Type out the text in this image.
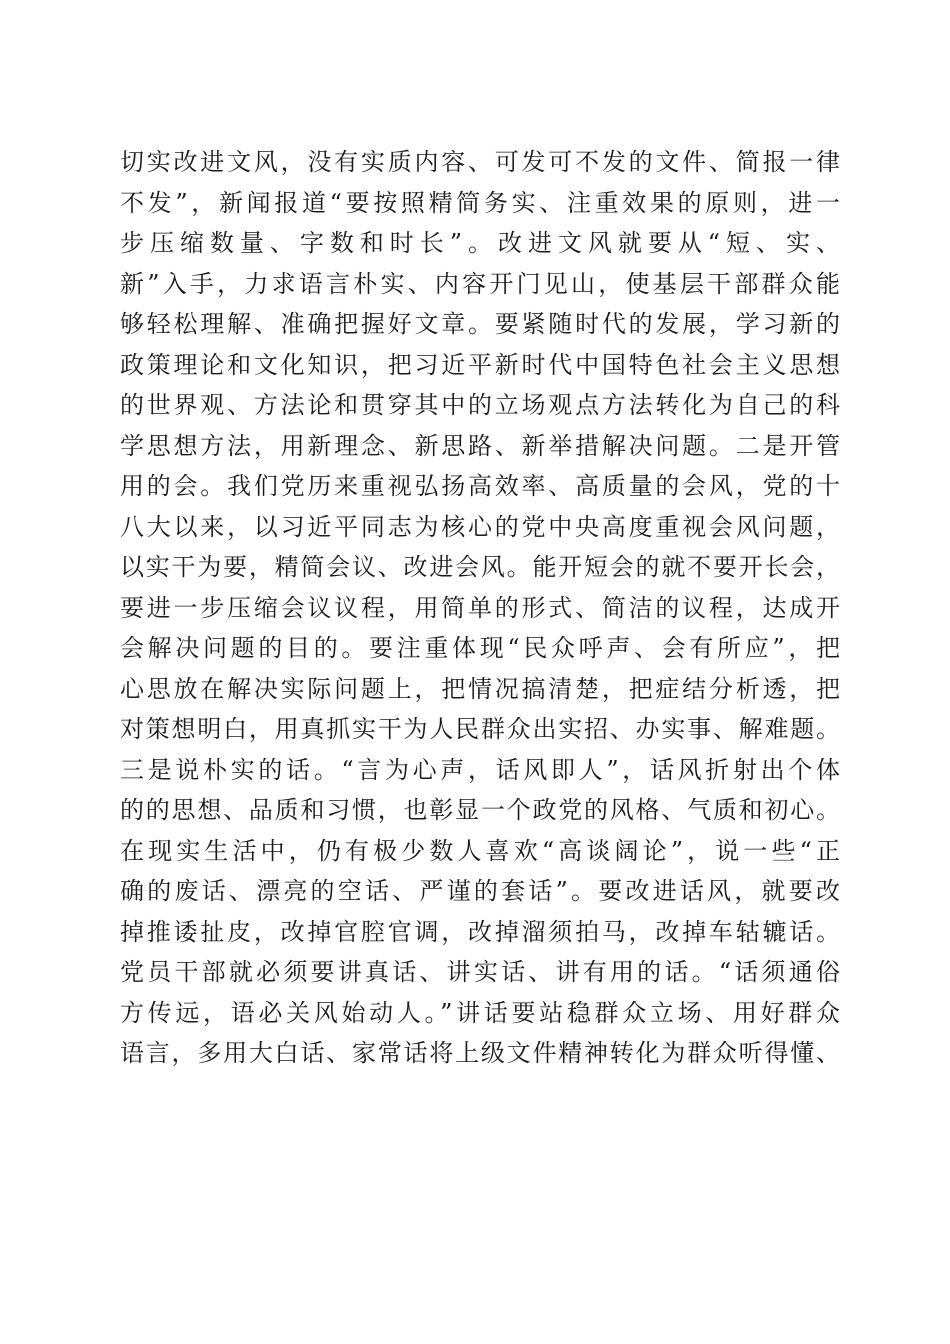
切实改进文风，没有实质内容、可发可不发的文件、简报一律
不发”，新闻报道“要按照精简务实、注重效果的原则，进一
步压缩数量、字数和时长”。改进文风就要从“短、实、
新”入手，力求语言朴实、内容开门见山，使基层干部群众能
够轻松理解、准确把握好文章。要紧随时代的发展，学习新的
政策理论和文化知识，把习近平新时代中国特色社会主义思想
的世界观、方法论和贯穿其中的立场观点方法转化为自己的科
学思想方法，用新理念、新思路、新举措解决问题。二是开管
用的会。我们党历来重视弘扬高效率、高质量的会风，党的十
八大以来，以习近平同志为核心的党中央高度重视会风问题，
以实干为要，精简会议、改进会风。能开短会的就不要开长会，
要进一步压缩会议议程，用简单的形式、简洁的议程，达成开
会解决问题的目的。要注重体现“民众呼声、会有所应”，把
心思放在解决实际问题上，把情况搞清楚，把症结分析透，把
对策想明白，用真抓实干为人民群众出实招、办实事、解难题。
三是说朴实的话。“言为心声，话风即人”，话风折射出个体
的的思想、品质和习惯，也彰显一个政党的风格、气质和初心。
在现实生活中，仍有极少数人喜欢“高谈阔论”，说一些“正
确的废话、漂亮的空话、严谨的套话”。要改进话风，就要改
掉推诿扯皮，改掉官腔官调，改掉溜须拍马，改掉车轱辘话。
党员干部就必须要讲真话、讲实话、讲有用的话。“话须通俗
方传远，语必关风始动人。”讲话要站稳群众立场、用好群众
语言，多用大白话、家常话将上级文件精神转化为群众听得懂、
